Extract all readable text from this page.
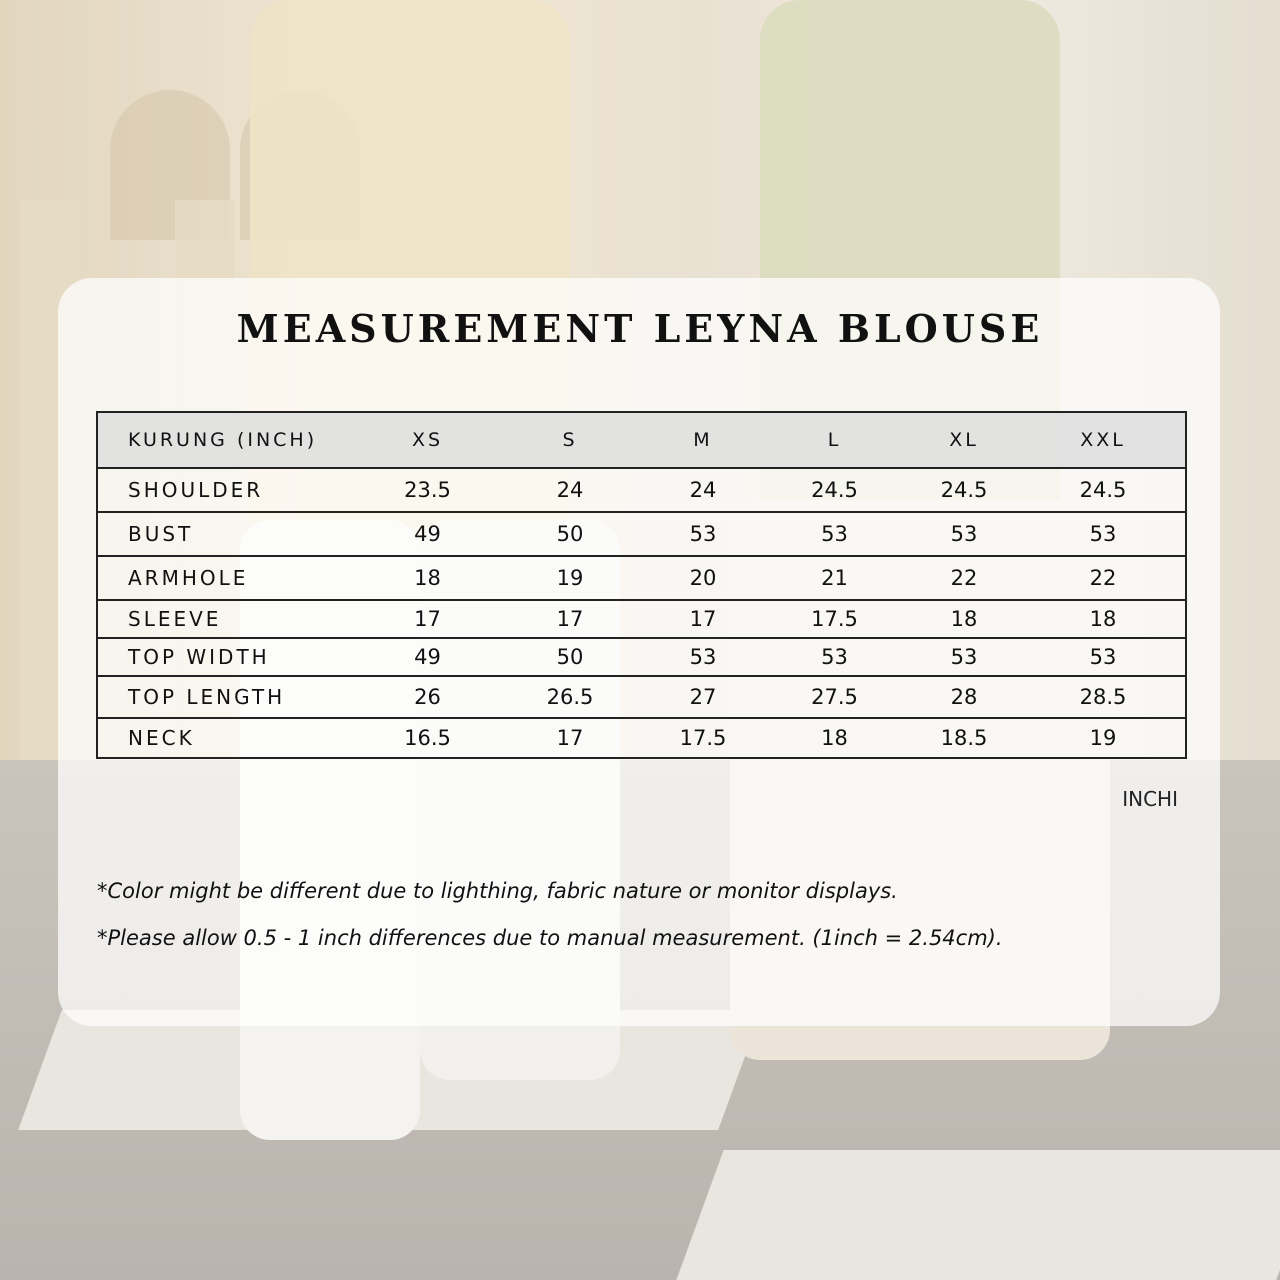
MEASUREMENT LEYNA BLOUSE
KURUNG (INCH)	XS	S	M	L	XL	XXL
SHOULDER	23.5	24	24	24.5	24.5	24.5
BUST	49	50	53	53	53	53
ARMHOLE	18	19	20	21	22	22
SLEEVE	17	17	17	17.5	18	18
TOP WIDTH	49	50	53	53	53	53
TOP LENGTH	26	26.5	27	27.5	28	28.5
NECK	16.5	17	17.5	18	18.5	19
INCHI
*Color might be different due to lighthing, fabric nature or monitor displays.
*Please allow 0.5 - 1 inch differences due to manual measurement. (1inch = 2.54cm).
